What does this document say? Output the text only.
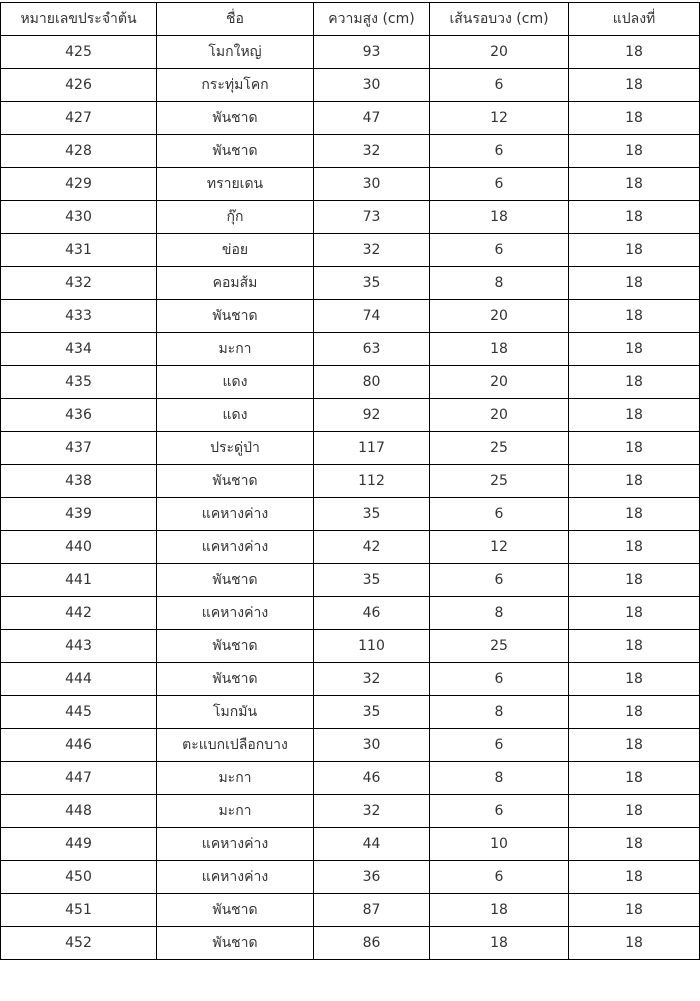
หมายเลขประจำต้น	ชื่อ	ความสูง (cm)	เส้นรอบวง (cm)	แปลงที่
425	โมกใหญ่	93	20	18
426	กระทุ่มโคก	30	6	18
427	พันชาด	47	12	18
428	พันชาด	32	6	18
429	ทรายเดน	30	6	18
430	กุ๊ก	73	18	18
431	ข่อย	32	6	18
432	คอมส้ม	35	8	18
433	พันชาด	74	20	18
434	มะกา	63	18	18
435	แดง	80	20	18
436	แดง	92	20	18
437	ประดู่ป่า	117	25	18
438	พันชาด	112	25	18
439	แคหางค่าง	35	6	18
440	แคหางค่าง	42	12	18
441	พันชาด	35	6	18
442	แคหางค่าง	46	8	18
443	พันชาด	110	25	18
444	พันชาด	32	6	18
445	โมกมัน	35	8	18
446	ตะแบกเปลือกบาง	30	6	18
447	มะกา	46	8	18
448	มะกา	32	6	18
449	แคหางค่าง	44	10	18
450	แคหางค่าง	36	6	18
451	พันชาด	87	18	18
452	พันชาด	86	18	18
